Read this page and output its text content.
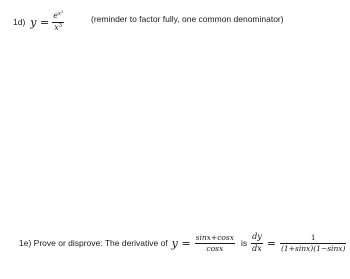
1d) $y = \frac{e^{x^3}}{x^3}$	(reminder to factor fully, one common denominator)
1e) Prove or disprove: The derivative of $y = \frac{\sin x+\cos x}{\cos x}$ is $\frac{dy}{dx} = \frac{1}{(1+\sin x)(1-\sin x)}$
